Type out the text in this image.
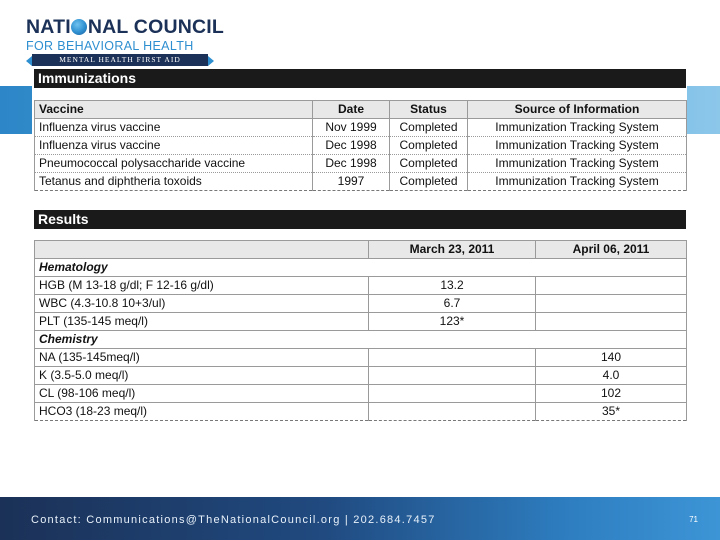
NATI NAL COUNCIL
FOR BEHAVIORAL HEALTH
MENTAL HEALTH FIRST AID
Immunizations
Vaccine	Date	Status	Source of Information
Influenza virus vaccine	Nov 1999	Completed	Immunization Tracking System
Influenza virus vaccine	Dec 1998	Completed	Immunization Tracking System
Pneumococcal polysaccharide vaccine	Dec 1998	Completed	Immunization Tracking System
Tetanus and diphtheria toxoids	1997	Completed	Immunization Tracking System
Results
	March 23, 2011	April 06, 2011
Hematology		
HGB (M 13-18 g/dl; F 12-16 g/dl)	13.2	
WBC (4.3-10.8 10+3/ul)	6.7	
PLT (135-145 meq/l)	123*	
Chemistry		
NA (135-145meq/l)		140
K (3.5-5.0 meq/l)		4.0
CL (98-106 meq/l)		102
HCO3 (18-23 meq/l)		35*
Contact: Communications@TheNationalCouncil.org | 202.684.7457	71
